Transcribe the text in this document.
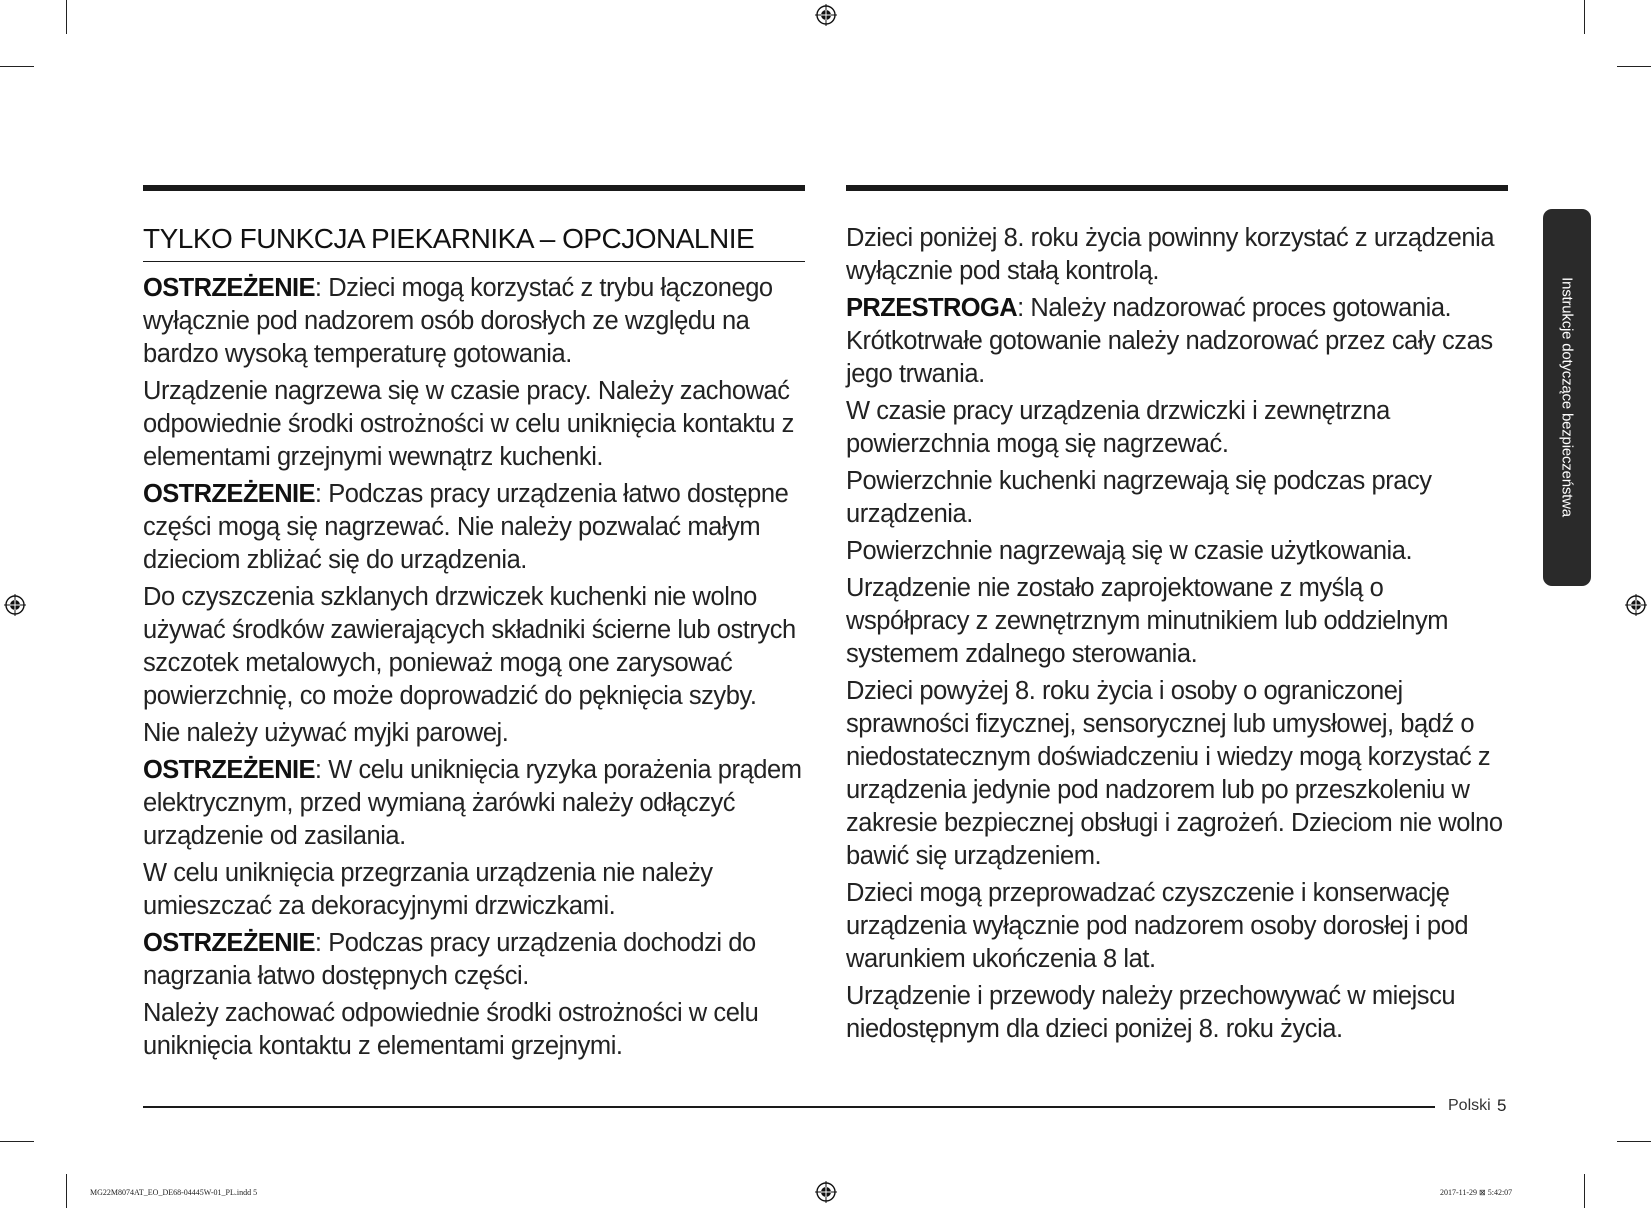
TYLKO FUNKCJA PIEKARNIKA – OPCJONALNIE

OSTRZEŻENIE: Dzieci mogą korzystać z trybu łączonego wyłącznie pod nadzorem osób dorosłych ze względu na bardzo wysoką temperaturę gotowania.

Urządzenie nagrzewa się w czasie pracy. Należy zachować odpowiednie środki ostrożności w celu uniknięcia kontaktu z elementami grzejnymi wewnątrz kuchenki.

OSTRZEŻENIE: Podczas pracy urządzenia łatwo dostępne części mogą się nagrzewać. Nie należy pozwalać małym dzieciom zbliżać się do urządzenia.

Do czyszczenia szklanych drzwiczek kuchenki nie wolno używać środków zawierających składniki ścierne lub ostrych szczotek metalowych, ponieważ mogą one zarysować powierzchnię, co może doprowadzić do pęknięcia szyby.

Nie należy używać myjki parowej.

OSTRZEŻENIE: W celu uniknięcia ryzyka porażenia prądem elektrycznym, przed wymianą żarówki należy odłączyć urządzenie od zasilania.

W celu uniknięcia przegrzania urządzenia nie należy umieszczać za dekoracyjnymi drzwiczkami.

OSTRZEŻENIE: Podczas pracy urządzenia dochodzi do nagrzania łatwo dostępnych części.

Należy zachować odpowiednie środki ostrożności w celu uniknięcia kontaktu z elementami grzejnymi.

Dzieci poniżej 8. roku życia powinny korzystać z urządzenia wyłącznie pod stałą kontrolą.

PRZESTROGA: Należy nadzorować proces gotowania. Krótkotrwałe gotowanie należy nadzorować przez cały czas jego trwania.

W czasie pracy urządzenia drzwiczki i zewnętrzna powierzchnia mogą się nagrzewać.

Powierzchnie kuchenki nagrzewają się podczas pracy urządzenia.

Powierzchnie nagrzewają się w czasie użytkowania.

Urządzenie nie zostało zaprojektowane z myślą o współpracy z zewnętrznym minutnikiem lub oddzielnym systemem zdalnego sterowania.

Dzieci powyżej 8. roku życia i osoby o ograniczonej sprawności fizycznej, sensorycznej lub umysłowej, bądź o niedostatecznym doświadczeniu i wiedzy mogą korzystać z urządzenia jedynie pod nadzorem lub po przeszkoleniu w zakresie bezpiecznej obsługi i zagrożeń. Dzieciom nie wolno bawić się urządzeniem.

Dzieci mogą przeprowadzać czyszczenie i konserwację urządzenia wyłącznie pod nadzorem osoby dorosłej i pod warunkiem ukończenia 8 lat.

Urządzenie i przewody należy przechowywać w miejscu niedostępnym dla dzieci poniżej 8. roku życia.

Instrukcje dotyczące bezpieczeństwa
Polski 5
MG22M8074AT_EO_DE68-04445W-01_PL.indd 5	2017-11-29 ⊠ 5:42:07
